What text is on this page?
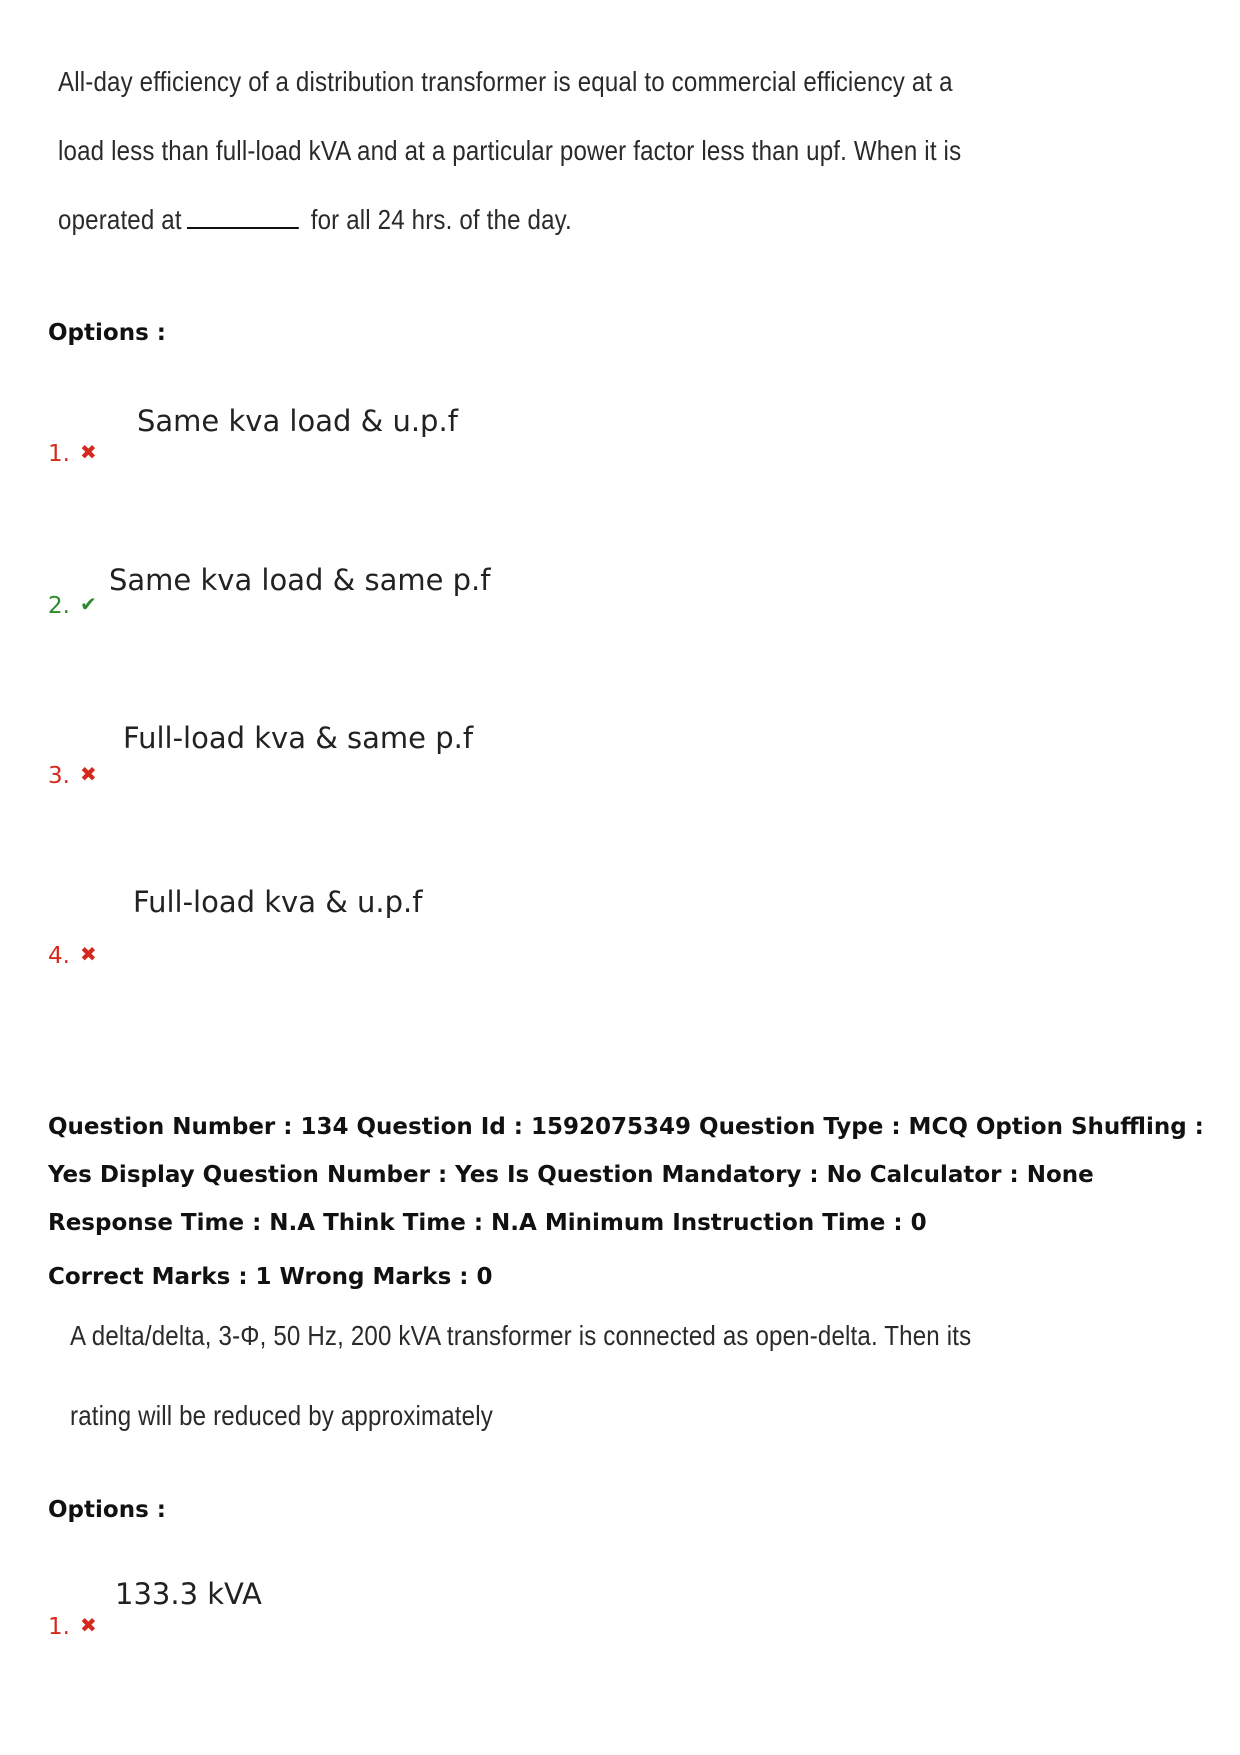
All-day efficiency of a distribution transformer is equal to commercial efficiency at a
load less than full-load kVA and at a particular power factor less than upf. When it is
operated at	for all 24 hrs. of the day.
Options :
1. ✖
Same kva load & u.p.f
2. ✔
Same kva load & same p.f
3. ✖
Full-load kva & same p.f
4. ✖
Full-load kva & u.p.f
Question Number : 134 Question Id : 1592075349 Question Type : MCQ Option Shuffling : Yes Display Question Number : Yes Is Question Mandatory : No Calculator : None Response Time : N.A Think Time : N.A Minimum Instruction Time : 0
Correct Marks : 1 Wrong Marks : 0
A delta/delta, 3-Φ, 50 Hz, 200 kVA transformer is connected as open-delta. Then its
rating will be reduced by approximately
Options :
1. ✖
133.3 kVA
